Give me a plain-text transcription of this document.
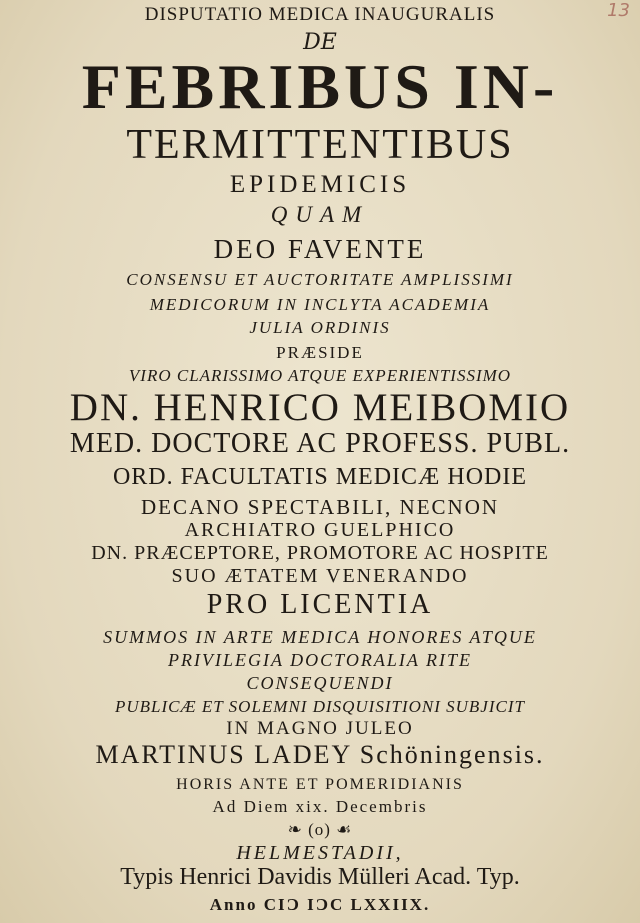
13
DISPUTATIO MEDICA INAUGURALIS
DE
FEBRIBUS IN-
TERMITTENTIBUS
EPIDEMICIS
QUAM
DEO FAVENTE
CONSENSU ET AUCTORITATE AMPLISSIMI
MEDICORUM IN INCLYTA ACADEMIA
JULIA ORDINIS
PRÆSIDE
VIRO CLARISSIMO ATQUE EXPERIENTISSIMO
DN. HENRICO MEIBOMIO
MED. DOCTORE AC PROFESS. PUBL.
ORD. FACULTATIS MEDICÆ HODIE
DECANO SPECTABILI, NECNON
ARCHIATRO GUELPHICO
DN. PRÆCEPTORE, PROMOTORE AC HOSPITE
SUO ÆTATEM VENERANDO
PRO LICENTIA
SUMMOS IN ARTE MEDICA HONORES ATQUE
PRIVILEGIA DOCTORALIA RITE
CONSEQUENDI
PUBLICÆ ET SOLEMNI DISQUISITIONI SUBJICIT
IN MAGNO JULEO
MARTINUS LADEY Schöningensis.
HORIS ANTE ET POMERIDIANIS
Ad Diem xix. Decembris
❧ (o) ☙
HELMESTADII,
Typis Henrici Davidis Mülleri Acad. Typ.
Anno CIƆ IƆC LXXIIX.
